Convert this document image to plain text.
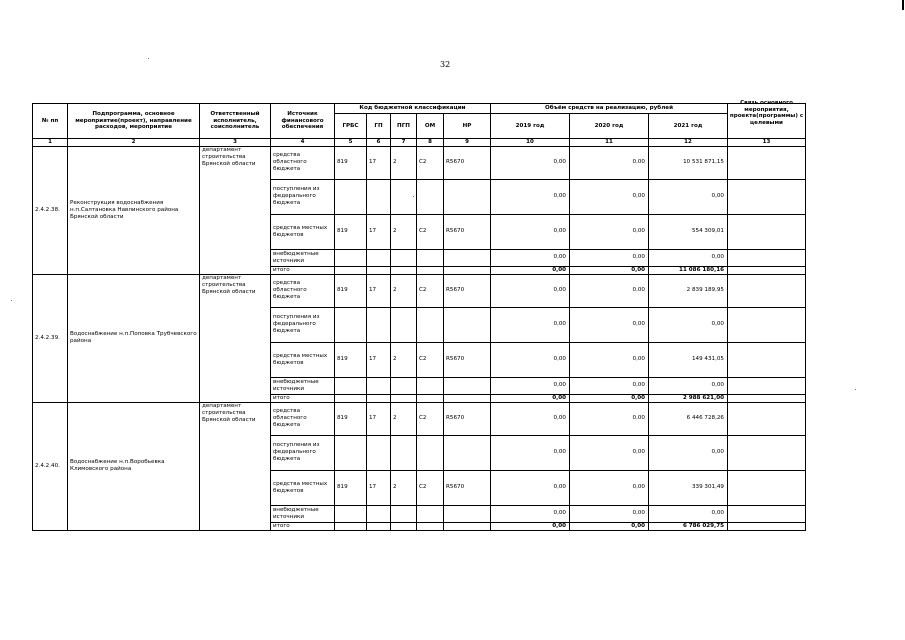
32
№ пп	Подпрограмма, основное мероприятие(проект), направление расходов, мероприятие	Ответственный исполнитель, соисполнитель	Источник финансового обеспечения	Код бюджетной классификации					Объём средств на реализацию, рублей			Связь основного мероприятия, проекта(программы) с целевыми

				ГРБС	ГП	ПГП	ОМ	НР	2019 год	2020 год	2021 год	
1	2	3	4	5	6	7	8	9	10	11	12	13
2.4.2.38.	Реконструкция водоснабжения н.п.Салтановка Навлинского района Брянской области	департамент строительства Брянской области	средства областного бюджета	819	17	2	С2	R5670	0,00	0,00	10 531 871,15	
			поступления из федерального бюджета						0,00	0,00	0,00	
			средства местных бюджетов	819	17	2	С2	R5670	0,00	0,00	554 309,01	
			внебюджетные источники						0,00	0,00	0,00	
			итого						0,00	0,00	11 086 180,16	
2.4.2.39.	Водоснабжение н.п.Поповка Трубчевского района	департамент строительства Брянской области	средства областного бюджета	819	17	2	С2	R5670	0,00	0,00	2 839 189,95	
			поступления из федерального бюджета						0,00	0,00	0,00	
			средства местных бюджетов	819	17	2	С2	R5670	0,00	0,00	149 431,05	
			внебюджетные источники						0,00	0,00	0,00	
			итого						0,00	0,00	2 988 621,00	
2.4.2.40.	Водоснабжение н.п.Воробьевка Климовского района	департамент строительства Брянской области	средства областного бюджета	819	17	2	С2	R5670	0,00	0,00	6 446 728,26	
			поступления из федерального бюджета						0,00	0,00	0,00	
			средства местных бюджетов	819	17	2	С2	R5670	0,00	0,00	339 301,49	
			внебюджетные источники						0,00	0,00	0,00	
			итого						0,00	0,00	6 786 029,75	
